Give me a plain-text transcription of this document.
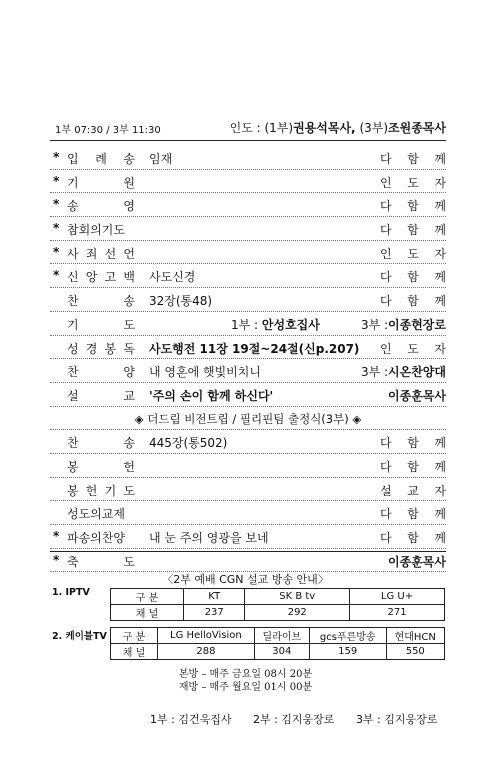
1부 07:30 / 3부 11:30	인도 : (1부)권용석목사, (3부)조원종목사
* 입 례 송 임재	다 함 께
* 기	원	인 도 자
* 송	영	다 함 께
* 참회의기도	다 함 께
* 사 죄 선 언	인 도 자
* 신 앙 고 백 사도신경	다 함 께
찬	송 32장(통48)	다 함 께
기	도	1부 : 안성호집사	3부 : 이종현장로
성 경 봉 독 사도행전 11장 19절~24절(신p.207) 인 도 자
찬	양 내 영혼에 햇빛비치니	3부 : 시온찬양대
설	교 '주의 손이 함께 하신다'	이종훈목사
◈ 더드림 비전트립 / 필리핀팀 출정식(3부) ◈
찬	송 445장(통502)	다 함 께
봉	헌	다 함 께
봉 헌 기 도	설 교 자
성도의교제	다 함 께
* 파송의찬양	내 눈 주의 영광을 보네	다 함 께
* 축	도	이종훈목사
〈2부 예배 CGN 설교 방송 안내〉
1. IPTV
구 분	KT	SK B tv	LG U+
채 널	237	292	271
2. 케이블TV 구 분	LG HelloVision	딜라이브	gcs푸른방송	현대HCN
채 널	288	304	159	550
본방 – 매주 금요일 08시 20분
재방 – 매주 월요일 01시 00분
1부 : 김건욱집사 2부 : 김지웅장로 3부 : 김지웅장로
